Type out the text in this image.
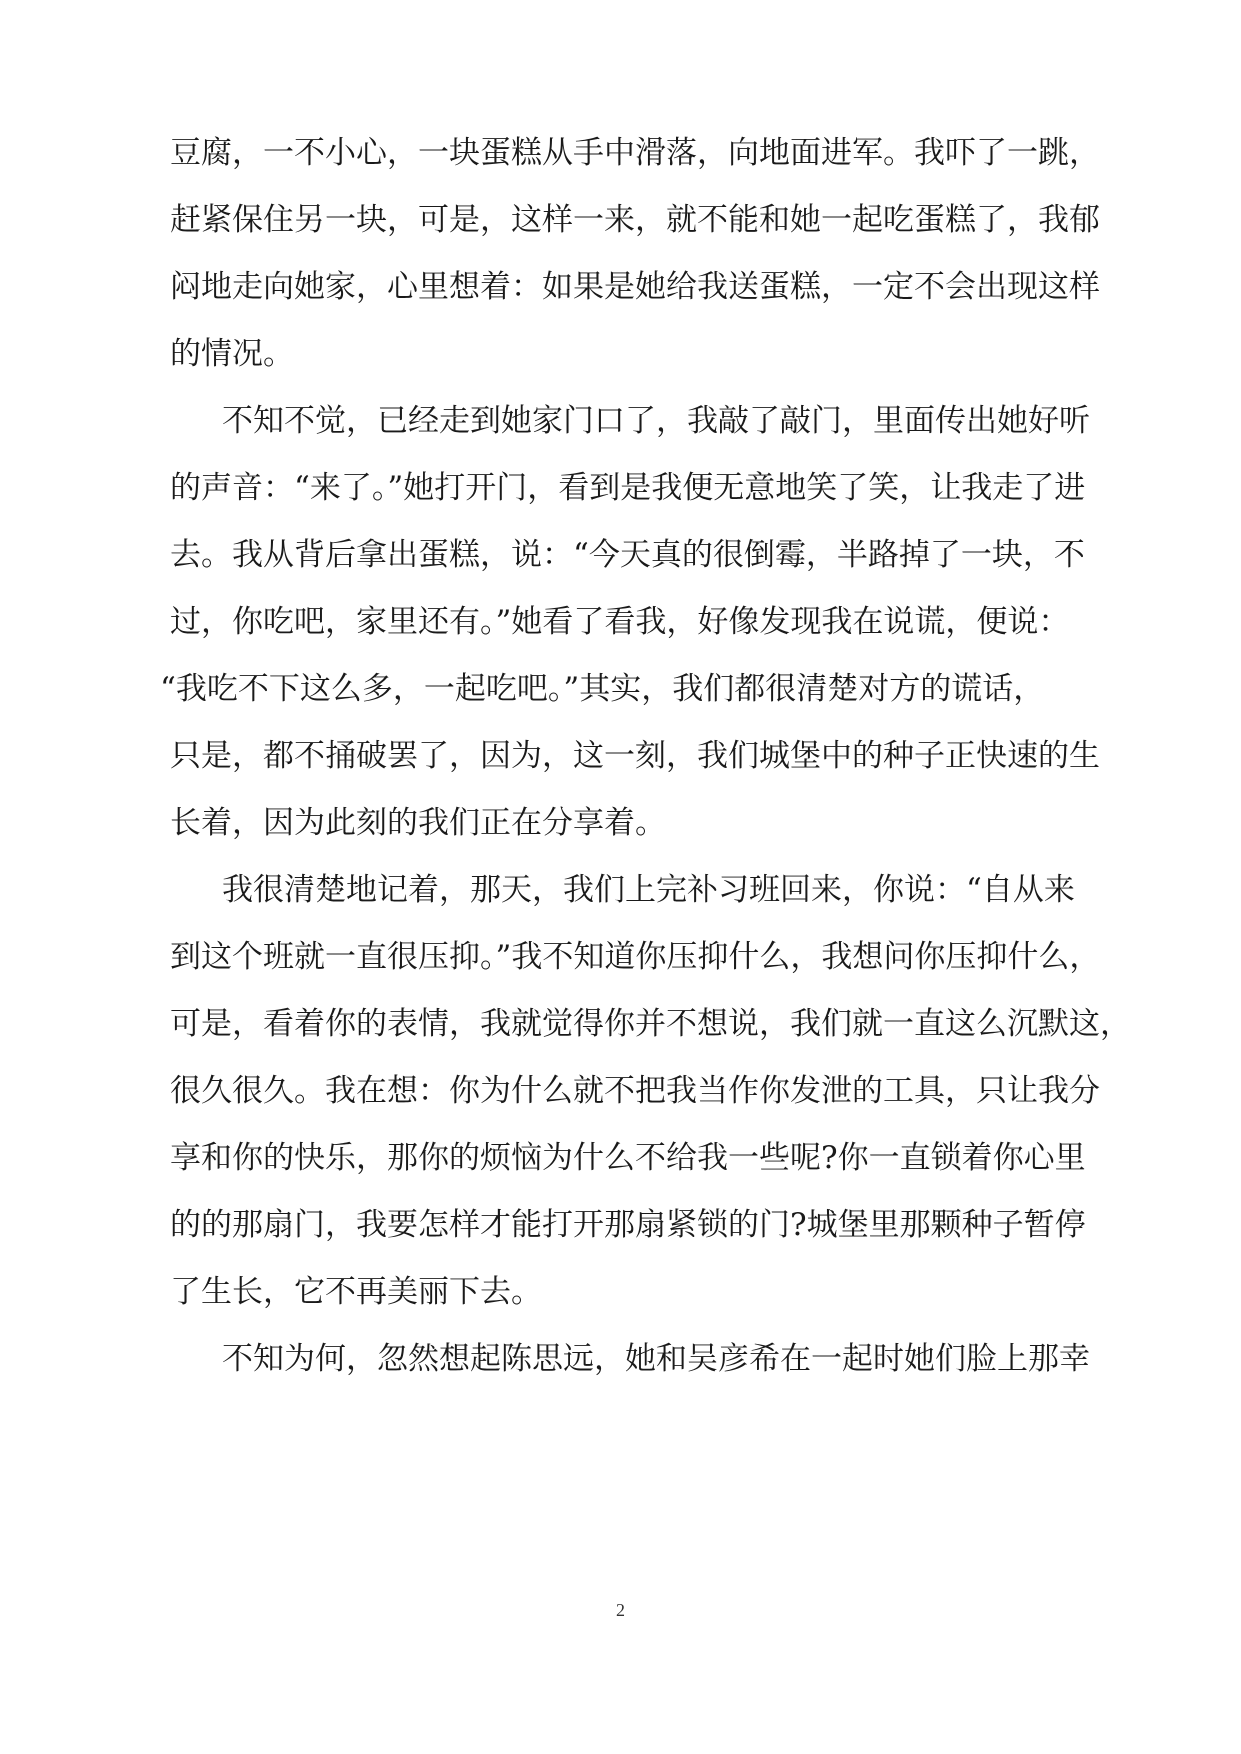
豆腐，一不小心，一块蛋糕从手中滑落，向地面进军。我吓了一跳，
赶紧保住另一块，可是，这样一来，就不能和她一起吃蛋糕了，我郁
闷地走向她家，心里想着：如果是她给我送蛋糕，一定不会出现这样
的情况。
不知不觉，已经走到她家门口了，我敲了敲门，里面传出她好听
的声音：“来了。”她打开门，看到是我便无意地笑了笑，让我走了进
去。我从背后拿出蛋糕，说：“今天真的很倒霉，半路掉了一块，不
过，你吃吧，家里还有。”她看了看我，好像发现我在说谎，便说：
“我吃不下这么多，一起吃吧。”其实，我们都很清楚对方的谎话，
只是，都不捅破罢了，因为，这一刻，我们城堡中的种子正快速的生
长着，因为此刻的我们正在分享着。
我很清楚地记着，那天，我们上完补习班回来，你说：“自从来
到这个班就一直很压抑。”我不知道你压抑什么，我想问你压抑什么，
可是，看着你的表情，我就觉得你并不想说，我们就一直这么沉默这，
很久很久。我在想：你为什么就不把我当作你发泄的工具，只让我分
享和你的快乐，那你的烦恼为什么不给我一些呢?你一直锁着你心里
的的那扇门，我要怎样才能打开那扇紧锁的门?城堡里那颗种子暂停
了生长，它不再美丽下去。
不知为何，忽然想起陈思远，她和吴彦希在一起时她们脸上那幸
2
